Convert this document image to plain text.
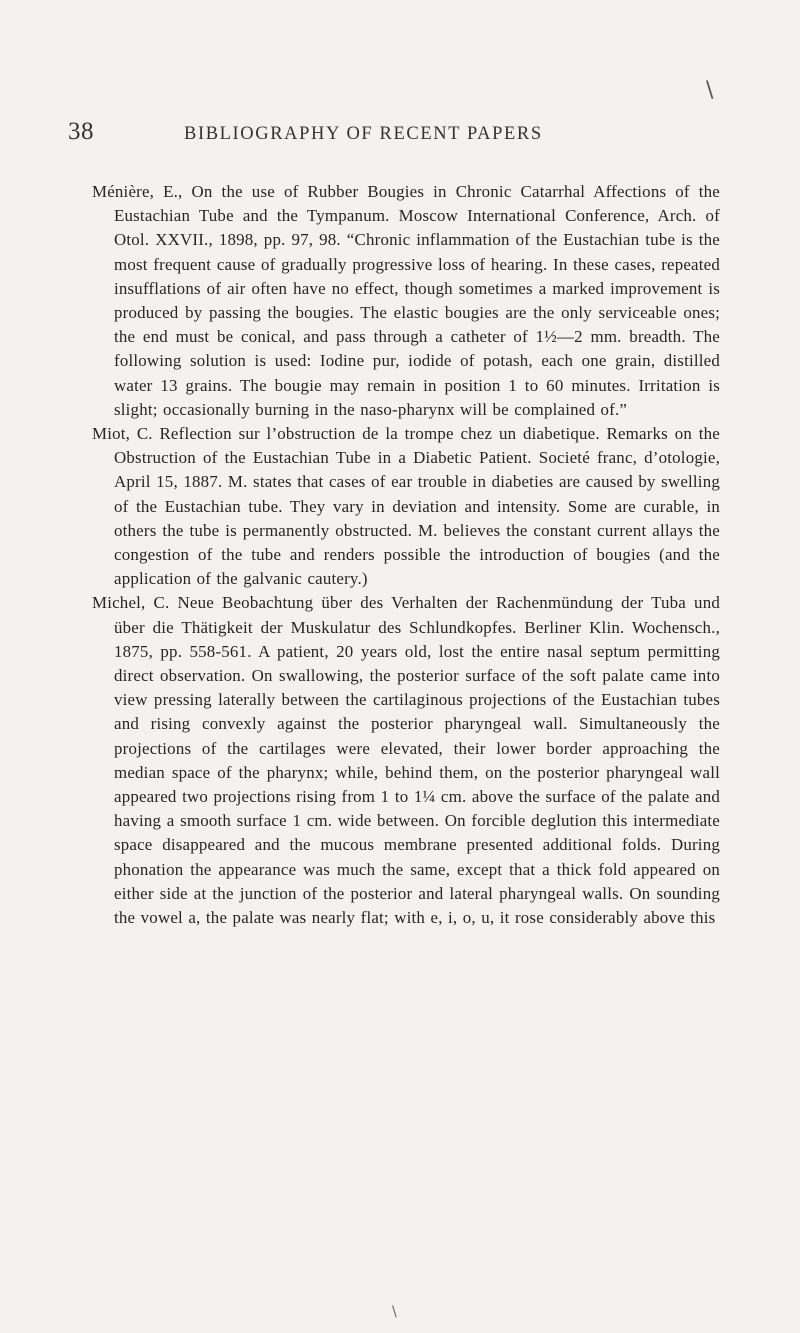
\
38	BIBLIOGRAPHY OF RECENT PAPERS

Ménière, E., On the use of Rubber Bougies in Chronic Catarrhal Affections of the Eustachian Tube and the Tympanum. Moscow International Conference, Arch. of Otol. XXVII., 1898, pp. 97, 98. “Chronic inflammation of the Eustachian tube is the most frequent cause of gradually progressive loss of hearing. In these cases, repeated insufflations of air often have no effect, though sometimes a marked improvement is produced by passing the bougies. The elastic bougies are the only serviceable ones; the end must be conical, and pass through a catheter of 1½—2 mm. breadth. The following solution is used: Iodine pur, iodide of potash, each one grain, distilled water 13 grains. The bougie may remain in position 1 to 60 minutes. Irritation is slight; occasionally burning in the naso-pharynx will be complained of.”

Miot, C. Reflection sur l’obstruction de la trompe chez un diabetique. Remarks on the Obstruction of the Eustachian Tube in a Diabetic Patient. Societé franc, d’otologie, April 15, 1887. M. states that cases of ear trouble in diabeties are caused by swelling of the Eustachian tube. They vary in deviation and intensity. Some are curable, in others the tube is permanently obstructed. M. believes the constant current allays the congestion of the tube and renders possible the introduction of bougies (and the application of the galvanic cautery.)

Michel, C. Neue Beobachtung über des Verhalten der Rachenmündung der Tuba und über die Thätigkeit der Muskulatur des Schlundkopfes. Berliner Klin. Wochensch., 1875, pp. 558-561. A patient, 20 years old, lost the entire nasal septum permitting direct observation. On swallowing, the posterior surface of the soft palate came into view pressing laterally between the cartilaginous projections of the Eustachian tubes and rising convexly against the posterior pharyngeal wall. Simultaneously the projections of the cartilages were elevated, their lower border approaching the median space of the pharynx; while, behind them, on the posterior pharyngeal wall appeared two projections rising from 1 to 1¼ cm. above the surface of the palate and having a smooth surface 1 cm. wide between. On forcible deglution this intermediate space disappeared and the mucous membrane presented additional folds. During phonation the appearance was much the same, except that a thick fold appeared on either side at the junction of the posterior and lateral pharyngeal walls. On sounding the vowel a, the palate was nearly flat; with e, i, o, u, it rose considerably above this

\
